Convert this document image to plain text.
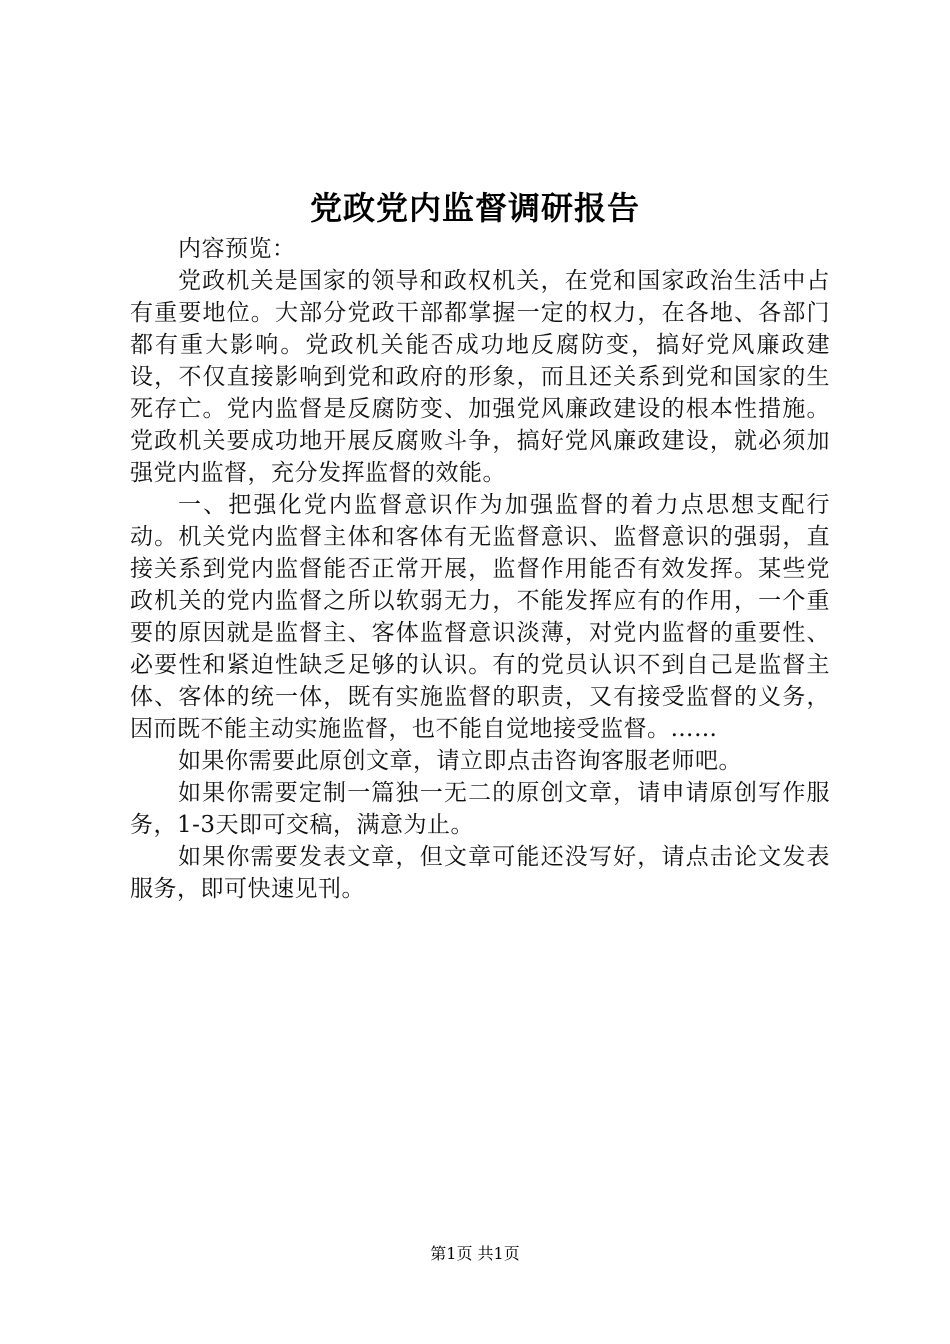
党政党内监督调研报告

内容预览：

党政机关是国家的领导和政权机关，在党和国家政治生活中占有重要地位。大部分党政干部都掌握一定的权力，在各地、各部门都有重大影响。党政机关能否成功地反腐防变，搞好党风廉政建设，不仅直接影响到党和政府的形象，而且还关系到党和国家的生死存亡。党内监督是反腐防变、加强党风廉政建设的根本性措施。党政机关要成功地开展反腐败斗争，搞好党风廉政建设，就必须加强党内监督，充分发挥监督的效能。

一、把强化党内监督意识作为加强监督的着力点思想支配行动。机关党内监督主体和客体有无监督意识、监督意识的强弱，直接关系到党内监督能否正常开展，监督作用能否有效发挥。某些党政机关的党内监督之所以软弱无力，不能发挥应有的作用，一个重要的原因就是监督主、客体监督意识淡薄，对党内监督的重要性、必要性和紧迫性缺乏足够的认识。有的党员认识不到自己是监督主体、客体的统一体，既有实施监督的职责，又有接受监督的义务，因而既不能主动实施监督，也不能自觉地接受监督。……

如果你需要此原创文章，请立即点击咨询客服老师吧。

如果你需要定制一篇独一无二的原创文章，请申请原创写作服务，1-3天即可交稿，满意为止。

如果你需要发表文章，但文章可能还没写好，请点击论文发表服务，即可快速见刊。

第1页 共1页
